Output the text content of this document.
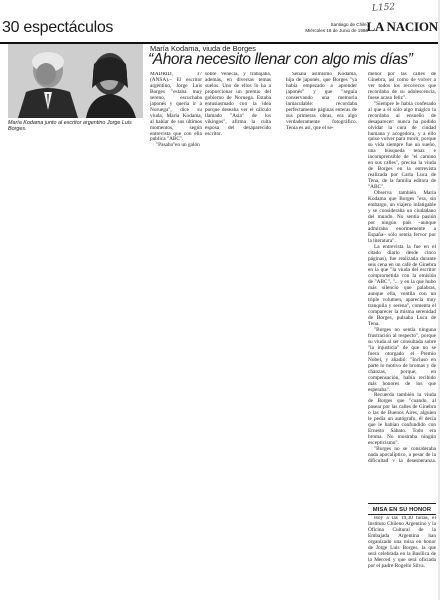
L152
30 espectáculos	Santiago de Chile,
Miércoles 18 de Junio de 1986
LA NACION
María Kodama junto al escritor argentino Jorge Luis Borges.
María Kodama, viuda de Borges
“Ahora necesito llenar con algo mis días”

MADRID, 17 (ANSA).– El escritor argentino, Jorge Luis Borges "estaba muy sereno, escuchaba japonés y quería ir a Noruega", dice su viuda, María Kodama, al hablar de sus últimos momentos, según entrevista que con ella publica "ABC".

"Pasaba"en un galón

sobre Venecia, y trabajaba, además, en diversas temas suelos. Uno de ellos lo ha a proporcionar un premio del gobierno de Noruega. Estaba entusiasmado con la idea porque deseaba ver el cálculo llamado "Asia" de los vikingos", afirma la culta esposa del desaparecido escritor.

Señala asimismo Kodama, hija de japonés, que Borges "ya había empezado a aprender japonés" y que "seguía conservando una memoria inmaculable: recordaba perfectamente páginas enteras de sus primeras obras, era algo verdaderamente fotográfico. Tenía es así, que el se-

menor por las calles de Ginebra, así como de volver a ver todos los recovecos que recordaba de su adolescencia, fuese acaso feliz".

"Siempre le había confesado al que a él sólo algo mágico la recordaba al ensueño de desaparecer: nunca ha podido olvidar la cura de ciudad humana y acogedora, y a ello quiso volver para morir, porque su vida siempre fue un sueño, una búsqueda tenaz e incomprensible de "el camino en sus calles", precisa la viuda de Borges en la entrevista realizada por Carla Luca de Tena, de la familia editora de "ABC".

Observa también María Kodama que Borges "era, sin embargo, un viajero infatigable y se consideraba un ciudadano del mundo. No sentía pasión por ningún país –aunque admiraba enormemente a España– sólo sentía fervor por la literatura".

La entrevista la fue en el citado diario desde cinco páginas), fue realizada durante seis cena en un café de Ginebra en la que "la viuda del escritor comprometida con la emisión de "ABC", "... y en la que hubo más silencio que palabras, aunque ella, ventila con un triple volumen, aparecía muy tranquila y serena", comenta el comparecer la misma serenidad de Borges, pulsaba Luca de Tena.

"Borges no sentía ninguna frustración al respecto", porque su viuda al ser consultada sobre "la injusticia" de que no se fuera otorgado el Premio Nobel, y añadió: "Incluso en parte lo motivo de bromas y de chanzas, porque, en compensación, había recibido más honores de los que esperaba".

Recuerda también la viuda de Borges que "cuando, al pasear por las calles de Ginebra o las de Buenos Aires, alguien le pedía un autógrafo, él decía que le habían confundido con Ernesto Sábato. Todo era broma. No mostraba ningún escepticismo".

"Borges no se consideraba nada apocalíptico, a pesar de la dificultad y la desesperanza.

MISA EN SU HONOR

Hoy a las 19,30 horas, el Instituto Chileno Argentino y la Oficina Cultural de la Embajada Argentina han organizado una misa en honor de Jorge Luis Borges, la que será celebrada en la Basílica de la Merced y que será oficiada por el padre Rogelio Silva.
